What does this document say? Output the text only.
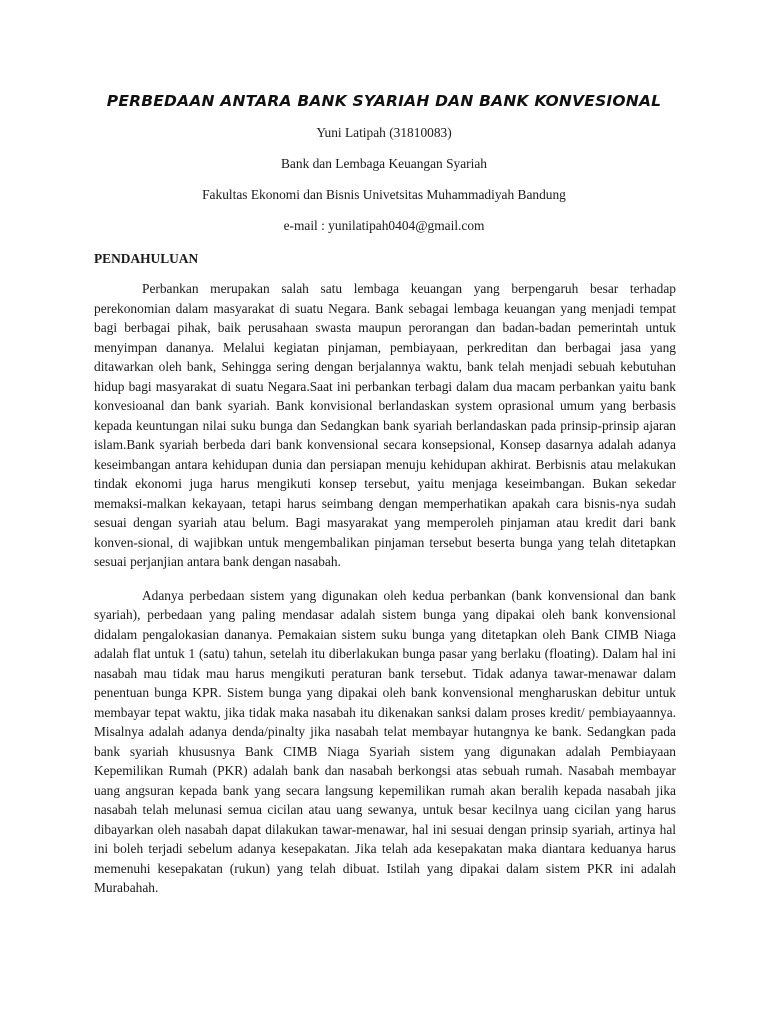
PERBEDAAN ANTARA BANK SYARIAH DAN BANK KONVESIONAL

Yuni Latipah (31810083)

Bank dan Lembaga Keuangan Syariah

Fakultas Ekonomi dan Bisnis Univetsitas Muhammadiyah Bandung

e-mail : yunilatipah0404@gmail.com

PENDAHULUAN

Perbankan merupakan salah satu lembaga keuangan yang berpengaruh besar terhadap perekonomian dalam masyarakat di suatu Negara. Bank sebagai lembaga keuangan yang menjadi tempat bagi berbagai pihak, baik perusahaan swasta maupun perorangan dan badan-badan pemerintah untuk menyimpan dananya. Melalui kegiatan pinjaman, pembiayaan, perkreditan dan berbagai jasa yang ditawarkan oleh bank, Sehingga sering dengan berjalannya waktu, bank telah menjadi sebuah kebutuhan hidup bagi masyarakat di suatu Negara.Saat ini perbankan terbagi dalam dua macam perbankan yaitu bank konvesioanal dan bank syariah. Bank konvisional berlandaskan system oprasional umum yang berbasis kepada keuntungan nilai suku bunga dan Sedangkan bank syariah berlandaskan pada prinsip-prinsip ajaran islam.Bank syariah berbeda dari bank konvensional secara konsepsional, Konsep dasarnya adalah adanya keseimbangan antara kehidupan dunia dan persiapan menuju kehidupan akhirat. Berbisnis atau melakukan tindak ekonomi juga harus mengikuti konsep tersebut, yaitu menjaga keseimbangan. Bukan sekedar memaksi-malkan kekayaan, tetapi harus seimbang dengan memperhatikan apakah cara bisnis-nya sudah sesuai dengan syariah atau belum. Bagi masyarakat yang memperoleh pinjaman atau kredit dari bank konven-sional, di wajibkan untuk mengembalikan pinjaman tersebut beserta bunga yang telah ditetapkan sesuai perjanjian antara bank dengan nasabah.

Adanya perbedaan sistem yang digunakan oleh kedua perbankan (bank konvensional dan bank syariah), perbedaan yang paling mendasar adalah sistem bunga yang dipakai oleh bank konvensional didalam pengalokasian dananya. Pemakaian sistem suku bunga yang ditetapkan oleh Bank CIMB Niaga adalah flat untuk 1 (satu) tahun, setelah itu diberlakukan bunga pasar yang berlaku (floating). Dalam hal ini nasabah mau tidak mau harus mengikuti peraturan bank tersebut. Tidak adanya tawar-menawar dalam penentuan bunga KPR. Sistem bunga yang dipakai oleh bank konvensional mengharuskan debitur untuk membayar tepat waktu, jika tidak maka nasabah itu dikenakan sanksi dalam proses kredit/ pembiayaannya. Misalnya adalah adanya denda/pinalty jika nasabah telat membayar hutangnya ke bank. Sedangkan pada bank syariah khususnya Bank CIMB Niaga Syariah sistem yang digunakan adalah Pembiayaan Kepemilikan Rumah (PKR) adalah bank dan nasabah berkongsi atas sebuah rumah. Nasabah membayar uang angsuran kepada bank yang secara langsung kepemilikan rumah akan beralih kepada nasabah jika nasabah telah melunasi semua cicilan atau uang sewanya, untuk besar kecilnya uang cicilan yang harus dibayarkan oleh nasabah dapat dilakukan tawar-menawar, hal ini sesuai dengan prinsip syariah, artinya hal ini boleh terjadi sebelum adanya kesepakatan. Jika telah ada kesepakatan maka diantara keduanya harus memenuhi kesepakatan (rukun) yang telah dibuat. Istilah yang dipakai dalam sistem PKR ini adalah Murabahah.
